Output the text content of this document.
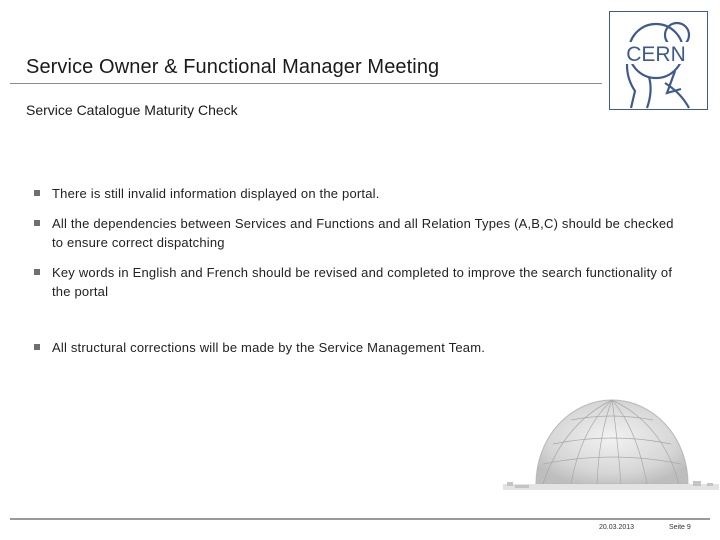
Service Owner & Functional Manager Meeting
Service Catalogue Maturity Check
CERN
There is still invalid information displayed on the portal.
All the dependencies between Services and Functions and all Relation Types (A,B,C) should be checked to ensure correct dispatching
Key words in English and French should be revised and completed to improve the search functionality of the portal
All structural corrections will be made by the Service Management Team.
20.03.2013	Seite 9
